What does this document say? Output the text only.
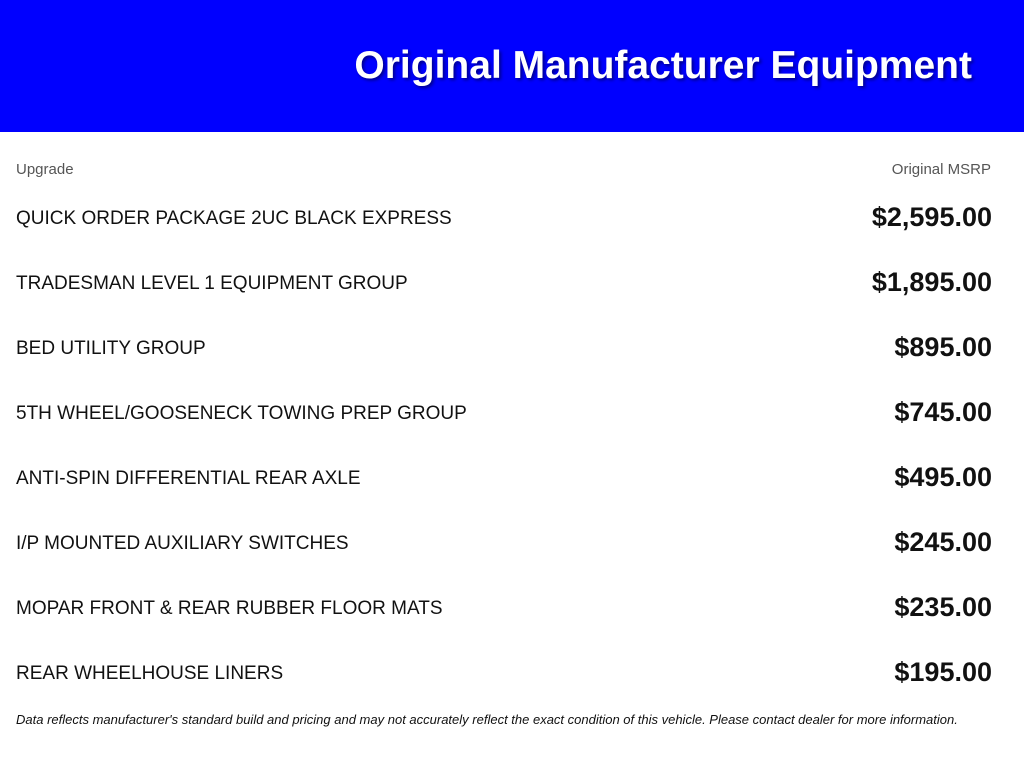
Original Manufacturer Equipment
Upgrade	Original MSRP
QUICK ORDER PACKAGE 2UC BLACK EXPRESS	$2,595.00
TRADESMAN LEVEL 1 EQUIPMENT GROUP	$1,895.00
BED UTILITY GROUP	$895.00
5TH WHEEL/GOOSENECK TOWING PREP GROUP	$745.00
ANTI-SPIN DIFFERENTIAL REAR AXLE	$495.00
I/P MOUNTED AUXILIARY SWITCHES	$245.00
MOPAR FRONT & REAR RUBBER FLOOR MATS	$235.00
REAR WHEELHOUSE LINERS	$195.00
Data reflects manufacturer's standard build and pricing and may not accurately reflect the exact condition of this vehicle. Please contact dealer for more information.
